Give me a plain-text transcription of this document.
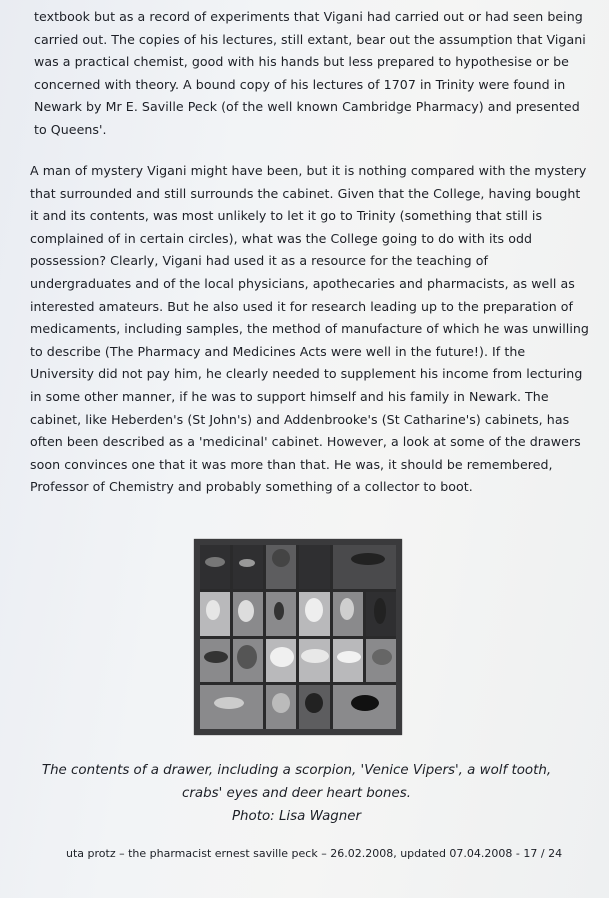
textbook but as a record of experiments that Vigani had carried out or had seen being
carried out. The copies of his lectures, still extant, bear out the assumption that Vigani
was a practical chemist, good with his hands but less prepared to hypothesise or be
concerned with theory. A bound copy of his lectures of 1707 in Trinity were found in
Newark by Mr E. Saville Peck (of the well known Cambridge Pharmacy) and presented
to Queens'.
A man of mystery Vigani might have been, but it is nothing compared with the mystery
that surrounded and still surrounds the cabinet. Given that the College, having bought
it and its contents, was most unlikely to let it go to Trinity (something that still is
complained of in certain circles), what was the College going to do with its odd
possession? Clearly, Vigani had used it as a resource for the teaching of
undergraduates and of the local physicians, apothecaries and pharmacists, as well as
interested amateurs. But he also used it for research leading up to the preparation of
medicaments, including samples, the method of manufacture of which he was unwilling
to describe (The Pharmacy and Medicines Acts were well in the future!). If the
University did not pay him, he clearly needed to supplement his income from lecturing
in some other manner, if he was to support himself and his family in Newark. The
cabinet, like Heberden's (St John's) and Addenbrooke's (St Catharine's) cabinets, has
often been described as a 'medicinal' cabinet. However, a look at some of the drawers
soon convinces one that it was more than that. He was, it should be remembered,
Professor of Chemistry and probably something of a collector to boot.
The contents of a drawer, including a scorpion, 'Venice Vipers', a wolf tooth,
crabs' eyes and deer heart bones.
Photo: Lisa Wagner
uta protz – the pharmacist ernest saville peck – 26.02.2008, updated 07.04.2008 - 17 / 24
